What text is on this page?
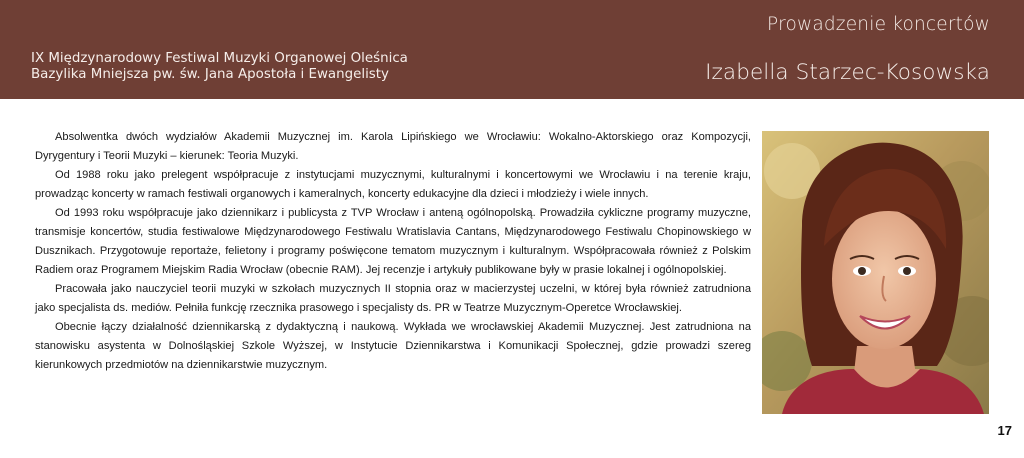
Prowadzenie koncertów
IX Międzynarodowy Festiwal Muzyki Organowej Oleśnica
Bazylika Mniejsza pw. św. Jana Apostoła i Ewangelisty	Izabella Starzec-Kosowska

Absolwentka dwóch wydziałów Akademii Muzycznej im. Karola Lipińskiego we Wrocławiu: Wokalno-Aktorskiego oraz Kompozycji, Dyrygentury i Teorii Muzyki – kierunek: Teoria Muzyki.

Od 1988 roku jako prelegent współpracuje z instytucjami muzycznymi, kulturalnymi i koncertowymi we Wrocławiu i na terenie kraju, prowadząc koncerty w ramach festiwali organowych i kameralnych, koncerty edukacyjne dla dzieci i młodzieży i wiele innych.

Od 1993 roku współpracuje jako dziennikarz i publicysta z TVP Wrocław i anteną ogólnopolską. Prowadziła cykliczne programy muzyczne, transmisje koncertów, studia festiwalowe Międzynarodowego Festiwalu Wratislavia Cantans, Międzynarodowego Festiwalu Chopinowskiego w Dusznikach. Przygotowuje reportaże, felietony i programy poświęcone tematom muzycznym i kulturalnym. Współpracowała również z Polskim Radiem oraz Programem Miejskim Radia Wrocław (obecnie RAM). Jej recenzje i artykuły publikowane były w prasie lokalnej i ogólnopolskiej.

Pracowała jako nauczyciel teorii muzyki w szkołach muzycznych II stopnia oraz w macierzystej uczelni, w której była również zatrudniona jako specjalista ds. mediów. Pełniła funkcję rzecznika prasowego i specjalisty ds. PR w Teatrze Muzycznym-Operetce Wrocławskiej.

Obecnie łączy działalność dziennikarską z dydaktyczną i naukową. Wykłada we wrocławskiej Akademii Muzycznej. Jest zatrudniona na stanowisku asystenta w Dolnośląskiej Szkole Wyższej, w Instytucie Dziennikarstwa i Komunikacji Społecznej, gdzie prowadzi szereg kierunkowych przedmiotów na dziennikarstwie muzycznym.

17
